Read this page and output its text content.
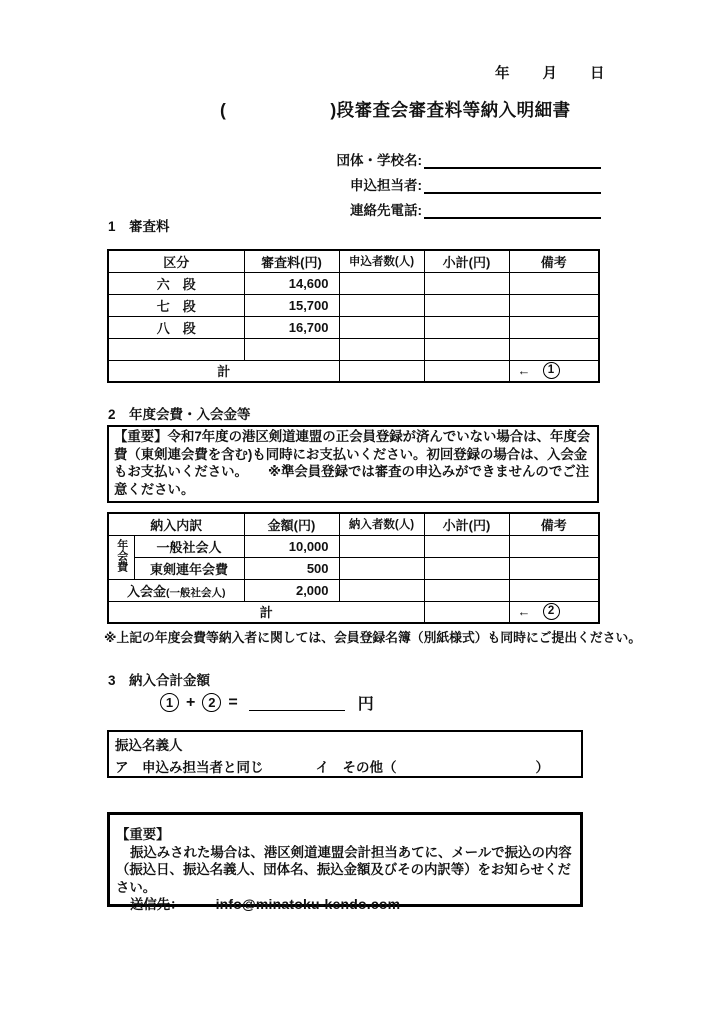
年 月 日
(	)段審査会審査料等納入明細書
団体・学校名:
申込担当者:
連絡先電話:
1　審査料
区分	審査料(円)	申込者数(人)	小計(円)	備考
六　段	14,600			
七　段	15,700			
八　段	16,700			

計				← 1
2　年度会費・入会金等
【重要】令和7年度の港区剣道連盟の正会員登録が済んでいない場合は、年度会費（東剣連会費を含む)も同時にお支払いください。初回登録の場合は、入会金もお支払いください。　　※準会員登録では審査の申込みができませんのでご注意ください。
納入内訳		金額(円)	納入者数(人)	小計(円)	備考
年会費	一般社会人	10,000			
	東剣連年会費	500			
入会金(一般社会人)		2,000			
計					← 2
※上記の年度会費等納入者に関しては、会員登録名簿（別紙様式）も同時にご提出ください。
3　納入合計金額
1 + 2 =	円
振込名義人
ア　申込み担当者と同じ	イ　その他（	）
【重要】
振込みされた場合は、港区剣道連盟会計担当あてに、メールで振込の内容
（振込日、振込名義人、団体名、振込金額及びその内訳等）をお知らせください。
送信先： info@minatoku-kendo.com
